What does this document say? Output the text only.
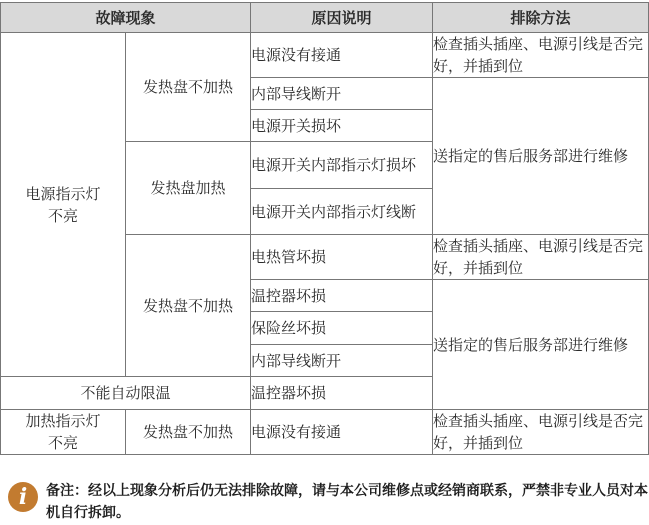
故障现象		原因说明	排除方法
电源指示灯不亮	发热盘不加热	电源没有接通	检查插头插座、电源引线是否完好，并插到位
		内部导线断开	送指定的售后服务部进行维修
		电源开关损坏	
	发热盘加热	电源开关内部指示灯损坏	
		电源开关内部指示灯线断	
	发热盘不加热	电热管坏损	检查插头插座、电源引线是否完好，并插到位
		温控器坏损	送指定的售后服务部进行维修
		保险丝坏损	
		内部导线断开	
不能自动限温		温控器坏损	
加热指示灯不亮	发热盘不加热	电源没有接通	检查插头插座、电源引线是否完好，并插到位
i	备注：经以上现象分析后仍无法排除故障，请与本公司维修点或经销商联系，严禁非专业人员对本机自行拆卸。
